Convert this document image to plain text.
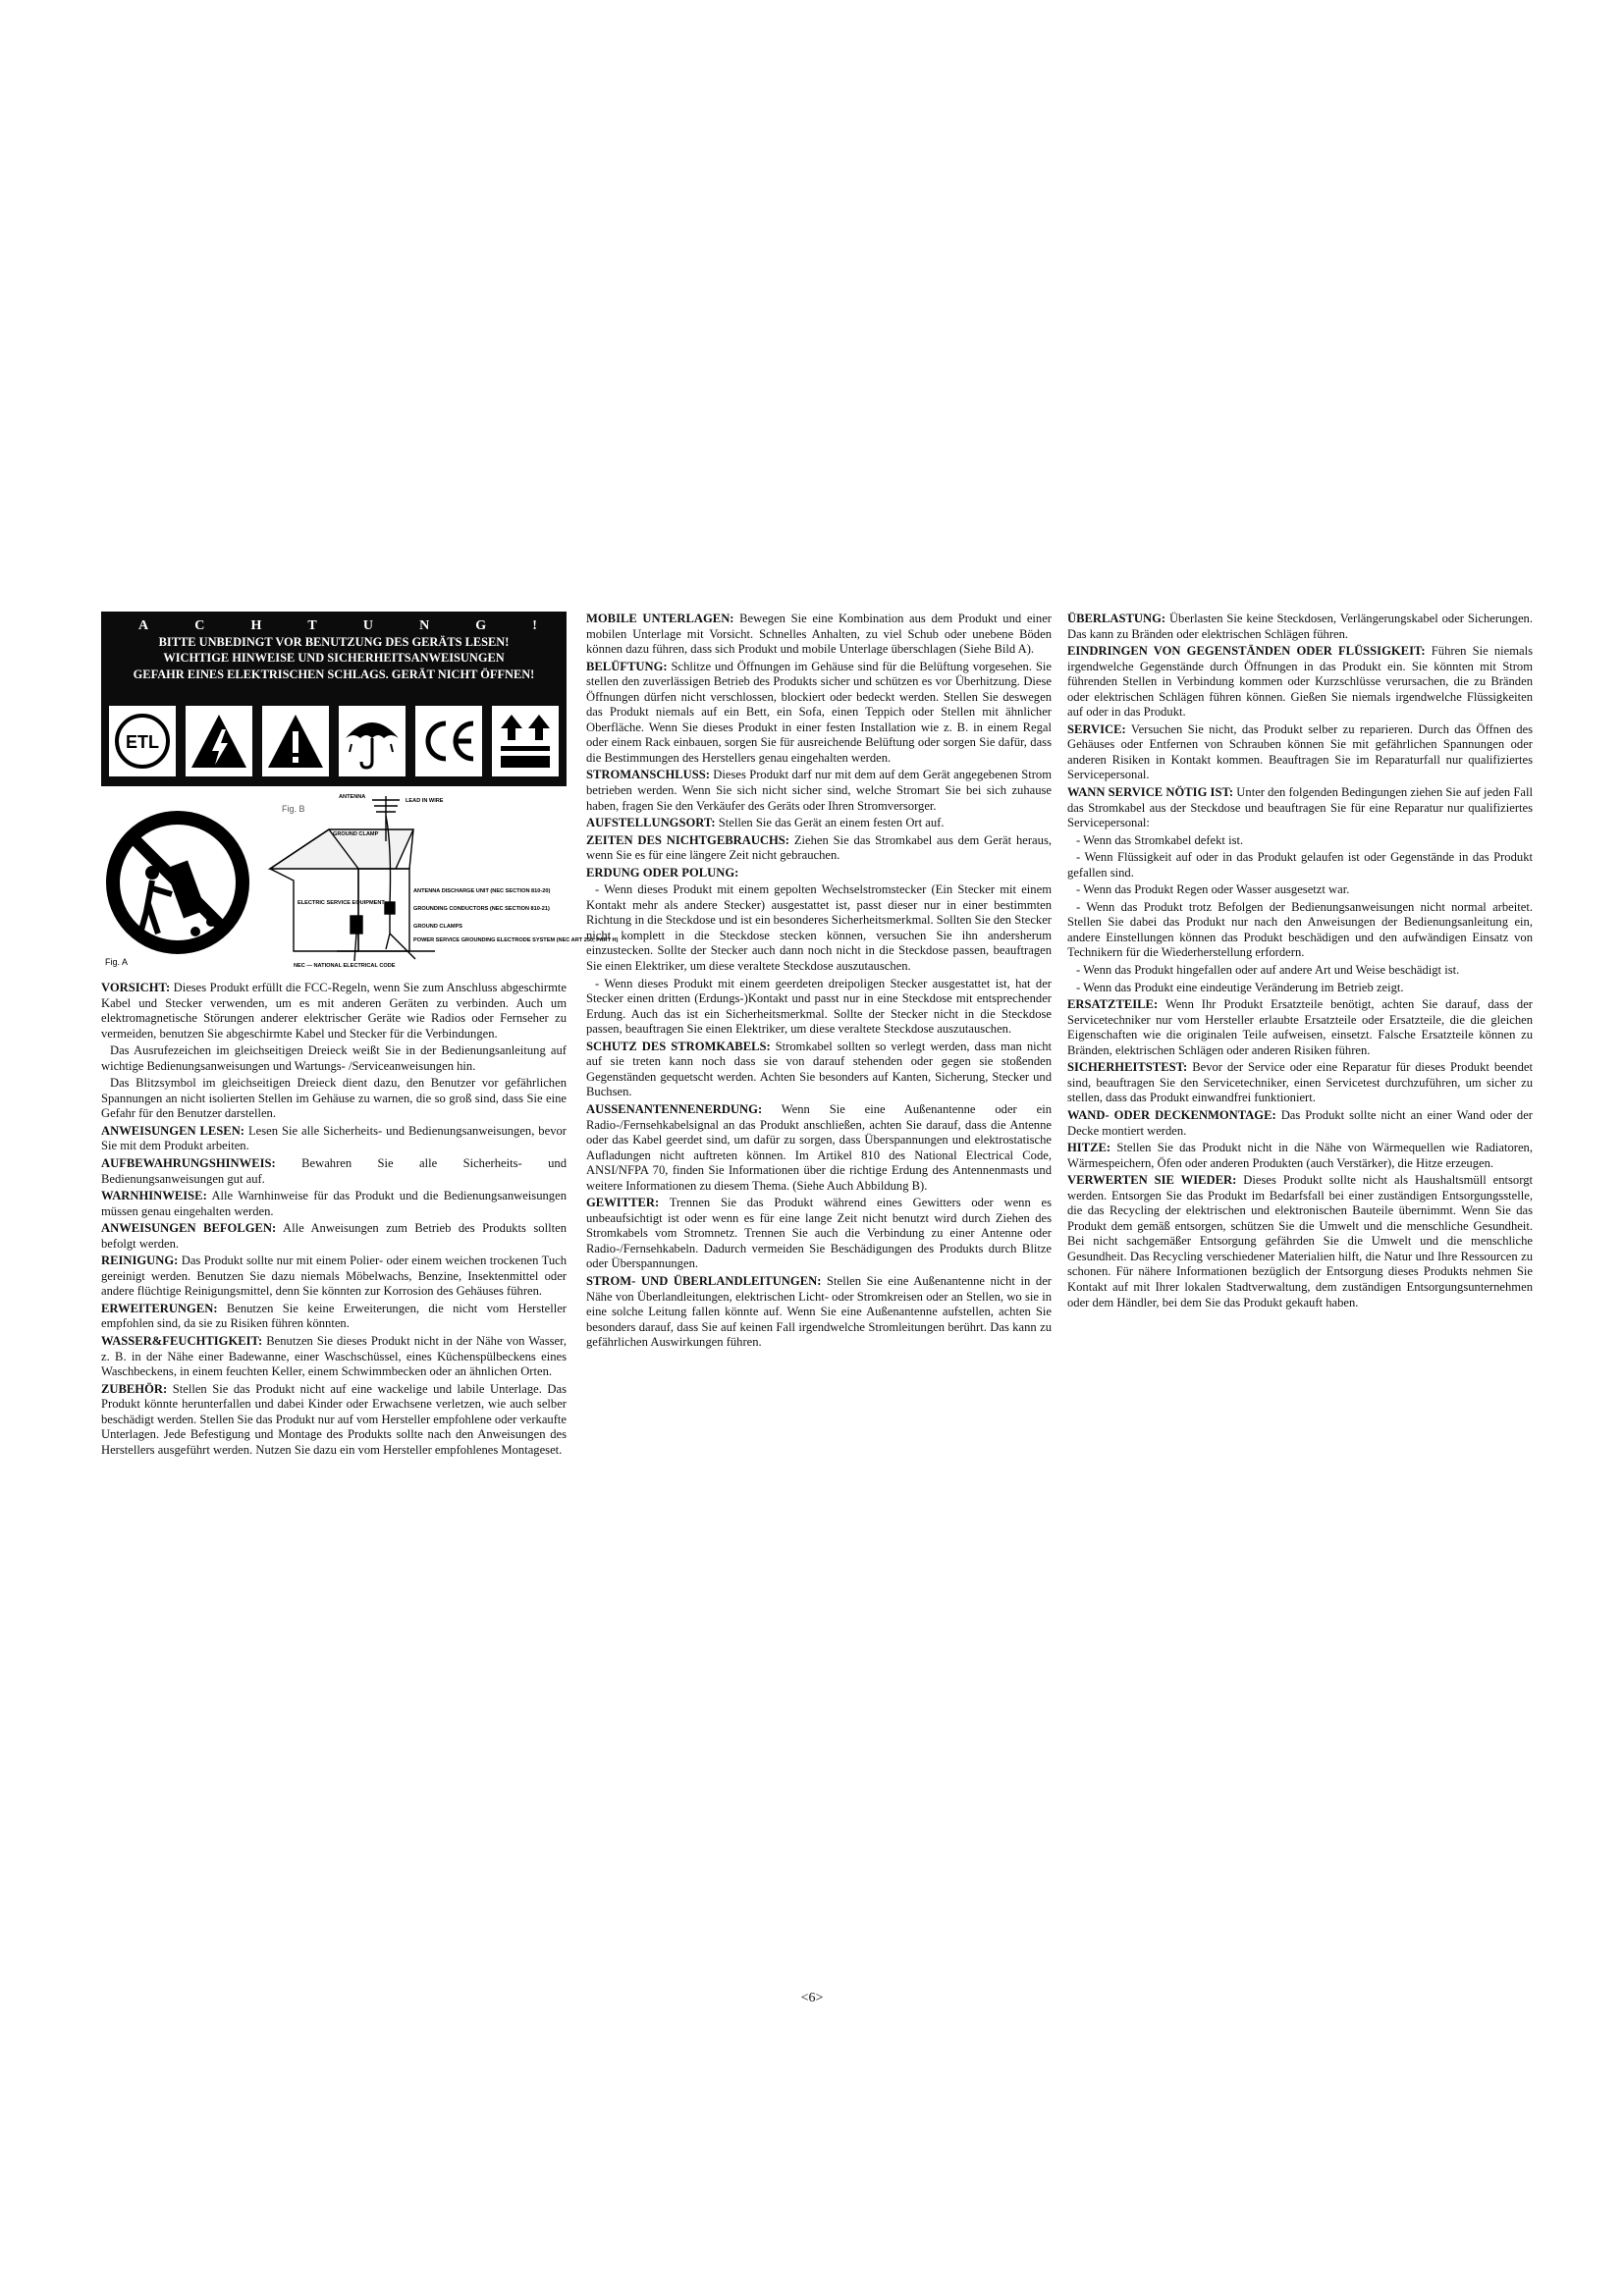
A	C	H	T	U	N	G	!
BITTE UNBEDINGT VOR BENUTZUNG DES GERÄTS LESEN!
WICHTIGE HINWEISE UND SICHERHEITSANWEISUNGEN
GEFAHR EINES ELEKTRISCHEN SCHLAGS. GERÄT NICHT ÖFFNEN!
ETL
Fig. A
Fig. B
ANTENNA
LEAD IN WIRE
GROUND CLAMP
ANTENNA DISCHARGE UNIT (NEC SECTION 810-20)
GROUNDING CONDUCTORS (NEC SECTION 810-21)
ELECTRIC SERVICE EQUIPMENT
GROUND CLAMPS
POWER SERVICE GROUNDING ELECTRODE SYSTEM (NEC ART 250, PART H)
NEC — NATIONAL ELECTRICAL CODE

VORSICHT: Dieses Produkt erfüllt die FCC-Regeln, wenn Sie zum Anschluss abgeschirmte Kabel und Stecker verwenden, um es mit anderen Geräten zu verbinden. Auch um elektromagnetische Störungen anderer elektrischer Geräte wie Radios oder Fernseher zu vermeiden, benutzen Sie abgeschirmte Kabel und Stecker für die Verbindungen.

Das Ausrufezeichen im gleichseitigen Dreieck weißt Sie in der Bedienungsanleitung auf wichtige Bedienungsanweisungen und Wartungs- /Serviceanweisungen hin.

Das Blitzsymbol im gleichseitigen Dreieck dient dazu, den Benutzer vor gefährlichen Spannungen an nicht isolierten Stellen im Gehäuse zu warnen, die so groß sind, dass Sie eine Gefahr für den Benutzer darstellen.

ANWEISUNGEN LESEN: Lesen Sie alle Sicherheits- und Bedienungsanweisungen, bevor Sie mit dem Produkt arbeiten.

AUFBEWAHRUNGSHINWEIS: Bewahren Sie alle Sicherheits- und Bedienungsanweisungen gut auf.

WARNHINWEISE: Alle Warnhinweise für das Produkt und die Bedienungsanweisungen müssen genau eingehalten werden.

ANWEISUNGEN BEFOLGEN: Alle Anweisungen zum Betrieb des Produkts sollten befolgt werden.

REINIGUNG: Das Produkt sollte nur mit einem Polier- oder einem weichen trockenen Tuch gereinigt werden. Benutzen Sie dazu niemals Möbelwachs, Benzine, Insektenmittel oder andere flüchtige Reinigungsmittel, denn Sie könnten zur Korrosion des Gehäuses führen.

ERWEITERUNGEN: Benutzen Sie keine Erweiterungen, die nicht vom Hersteller empfohlen sind, da sie zu Risiken führen könnten.

WASSER&FEUCHTIGKEIT: Benutzen Sie dieses Produkt nicht in der Nähe von Wasser, z. B. in der Nähe einer Badewanne, einer Waschschüssel, eines Küchenspülbeckens eines Waschbeckens, in einem feuchten Keller, einem Schwimmbecken oder an ähnlichen Orten.

ZUBEHÖR: Stellen Sie das Produkt nicht auf eine wackelige und labile Unterlage. Das Produkt könnte herunterfallen und dabei Kinder oder Erwachsene verletzen, wie auch selber beschädigt werden. Stellen Sie das Produkt nur auf vom Hersteller empfohlene oder verkaufte Unterlagen. Jede Befestigung und Montage des Produkts sollte nach den Anweisungen des Herstellers ausgeführt werden. Nutzen Sie dazu ein vom Hersteller empfohlenes Montageset.

MOBILE UNTERLAGEN: Bewegen Sie eine Kombination aus dem Produkt und einer mobilen Unterlage mit Vorsicht. Schnelles Anhalten, zu viel Schub oder unebene Böden können dazu führen, dass sich Produkt und mobile Unterlage überschlagen (Siehe Bild A).

BELÜFTUNG: Schlitze und Öffnungen im Gehäuse sind für die Belüftung vorgesehen. Sie stellen den zuverlässigen Betrieb des Produkts sicher und schützen es vor Überhitzung. Diese Öffnungen dürfen nicht verschlossen, blockiert oder bedeckt werden. Stellen Sie deswegen das Produkt niemals auf ein Bett, ein Sofa, einen Teppich oder Stellen mit ähnlicher Oberfläche. Wenn Sie dieses Produkt in einer festen Installation wie z. B. in einem Regal oder einem Rack einbauen, sorgen Sie für ausreichende Belüftung oder sorgen Sie dafür, dass die Bestimmungen des Herstellers genau eingehalten werden.

STROMANSCHLUSS: Dieses Produkt darf nur mit dem auf dem Gerät angegebenen Strom betrieben werden. Wenn Sie sich nicht sicher sind, welche Stromart Sie bei sich zuhause haben, fragen Sie den Verkäufer des Geräts oder Ihren Stromversorger.

AUFSTELLUNGSORT: Stellen Sie das Gerät an einem festen Ort auf.

ZEITEN DES NICHTGEBRAUCHS: Ziehen Sie das Stromkabel aus dem Gerät heraus, wenn Sie es für eine längere Zeit nicht gebrauchen.

ERDUNG ODER POLUNG:

- Wenn dieses Produkt mit einem gepolten Wechselstromstecker (Ein Stecker mit einem Kontakt mehr als andere Stecker) ausgestattet ist, passt dieser nur in einer bestimmten Richtung in die Steckdose und ist ein besonderes Sicherheitsmerkmal. Sollten Sie den Stecker nicht komplett in die Steckdose stecken können, versuchen Sie ihn andersherum einzustecken. Sollte der Stecker auch dann noch nicht in die Steckdose passen, beauftragen Sie einen Elektriker, um diese veraltete Steckdose auszutauschen.

- Wenn dieses Produkt mit einem geerdeten dreipoligen Stecker ausgestattet ist, hat der Stecker einen dritten (Erdungs-)Kontakt und passt nur in eine Steckdose mit entsprechender Erdung. Auch das ist ein Sicherheitsmerkmal. Sollte der Stecker nicht in die Steckdose passen, beauftragen Sie einen Elektriker, um diese veraltete Steckdose auszutauschen.

SCHUTZ DES STROMKABELS: Stromkabel sollten so verlegt werden, dass man nicht auf sie treten kann noch dass sie von darauf stehenden oder gegen sie stoßenden Gegenständen gequetscht werden. Achten Sie besonders auf Kanten, Sicherung, Stecker und Buchsen.

AUSSENANTENNENERDUNG: Wenn Sie eine Außenantenne oder ein Radio-/Fernsehkabelsignal an das Produkt anschließen, achten Sie darauf, dass die Antenne oder das Kabel geerdet sind, um dafür zu sorgen, dass Überspannungen und elektrostatische Aufladungen nicht auftreten können. Im Artikel 810 des National Electrical Code, ANSI/NFPA 70, finden Sie Informationen über die richtige Erdung des Antennenmasts und weitere Informationen zu diesem Thema. (Siehe Auch Abbildung B).

GEWITTER: Trennen Sie das Produkt während eines Gewitters oder wenn es unbeaufsichtigt ist oder wenn es für eine lange Zeit nicht benutzt wird durch Ziehen des Stromkabels vom Stromnetz. Trennen Sie auch die Verbindung zu einer Antenne oder Radio-/Fernsehkabeln. Dadurch vermeiden Sie Beschädigungen des Produkts durch Blitze oder Überspannungen.

STROM- UND ÜBERLANDLEITUNGEN: Stellen Sie eine Außenantenne nicht in der Nähe von Überlandleitungen, elektrischen Licht- oder Stromkreisen oder an Stellen, wo sie in eine solche Leitung fallen könnte auf. Wenn Sie eine Außenantenne aufstellen, achten Sie besonders darauf, dass Sie auf keinen Fall irgendwelche Stromleitungen berührt. Das kann zu gefährlichen Auswirkungen führen.

ÜBERLASTUNG: Überlasten Sie keine Steckdosen, Verlängerungskabel oder Sicherungen. Das kann zu Bränden oder elektrischen Schlägen führen.

EINDRINGEN VON GEGENSTÄNDEN ODER FLÜSSIGKEIT: Führen Sie niemals irgendwelche Gegenstände durch Öffnungen in das Produkt ein. Sie könnten mit Strom führenden Stellen in Verbindung kommen oder Kurzschlüsse verursachen, die zu Bränden oder elektrischen Schlägen führen können. Gießen Sie niemals irgendwelche Flüssigkeiten auf oder in das Produkt.

SERVICE: Versuchen Sie nicht, das Produkt selber zu reparieren. Durch das Öffnen des Gehäuses oder Entfernen von Schrauben können Sie mit gefährlichen Spannungen oder anderen Risiken in Kontakt kommen. Beauftragen Sie im Reparaturfall nur qualifiziertes Servicepersonal.

WANN SERVICE NÖTIG IST: Unter den folgenden Bedingungen ziehen Sie auf jeden Fall das Stromkabel aus der Steckdose und beauftragen Sie für eine Reparatur nur qualifiziertes Servicepersonal:

- Wenn das Stromkabel defekt ist.

- Wenn Flüssigkeit auf oder in das Produkt gelaufen ist oder Gegenstände in das Produkt gefallen sind.

- Wenn das Produkt Regen oder Wasser ausgesetzt war.

- Wenn das Produkt trotz Befolgen der Bedienungsanweisungen nicht normal arbeitet. Stellen Sie dabei das Produkt nur nach den Anweisungen der Bedienungsanleitung ein, andere Einstellungen können das Produkt beschädigen und den aufwändigen Einsatz von Technikern für die Wiederherstellung erfordern.

- Wenn das Produkt hingefallen oder auf andere Art und Weise beschädigt ist.

- Wenn das Produkt eine eindeutige Veränderung im Betrieb zeigt.

ERSATZTEILE: Wenn Ihr Produkt Ersatzteile benötigt, achten Sie darauf, dass der Servicetechniker nur vom Hersteller erlaubte Ersatzteile oder Ersatzteile, die die gleichen Eigenschaften wie die originalen Teile aufweisen, einsetzt. Falsche Ersatzteile können zu Bränden, elektrischen Schlägen oder anderen Risiken führen.

SICHERHEITSTEST: Bevor der Service oder eine Reparatur für dieses Produkt beendet sind, beauftragen Sie den Servicetechniker, einen Servicetest durchzuführen, um sicher zu stellen, dass das Produkt einwandfrei funktioniert.

WAND- ODER DECKENMONTAGE: Das Produkt sollte nicht an einer Wand oder der Decke montiert werden.

HITZE: Stellen Sie das Produkt nicht in die Nähe von Wärmequellen wie Radiatoren, Wärmespeichern, Öfen oder anderen Produkten (auch Verstärker), die Hitze erzeugen.

VERWERTEN SIE WIEDER: Dieses Produkt sollte nicht als Haushaltsmüll entsorgt werden. Entsorgen Sie das Produkt im Bedarfsfall bei einer zuständigen Entsorgungsstelle, die das Recycling der elektrischen und elektronischen Bauteile übernimmt. Wenn Sie das Produkt dem gemäß entsorgen, schützen Sie die Umwelt und die menschliche Gesundheit. Bei nicht sachgemäßer Entsorgung gefährden Sie die Umwelt und die menschliche Gesundheit. Das Recycling verschiedener Materialien hilft, die Natur und Ihre Ressourcen zu schonen. Für nähere Informationen bezüglich der Entsorgung dieses Produkts nehmen Sie Kontakt auf mit Ihrer lokalen Stadtverwaltung, dem zuständigen Entsorgungsunternehmen oder dem Händler, bei dem Sie das Produkt gekauft haben.

<6>
